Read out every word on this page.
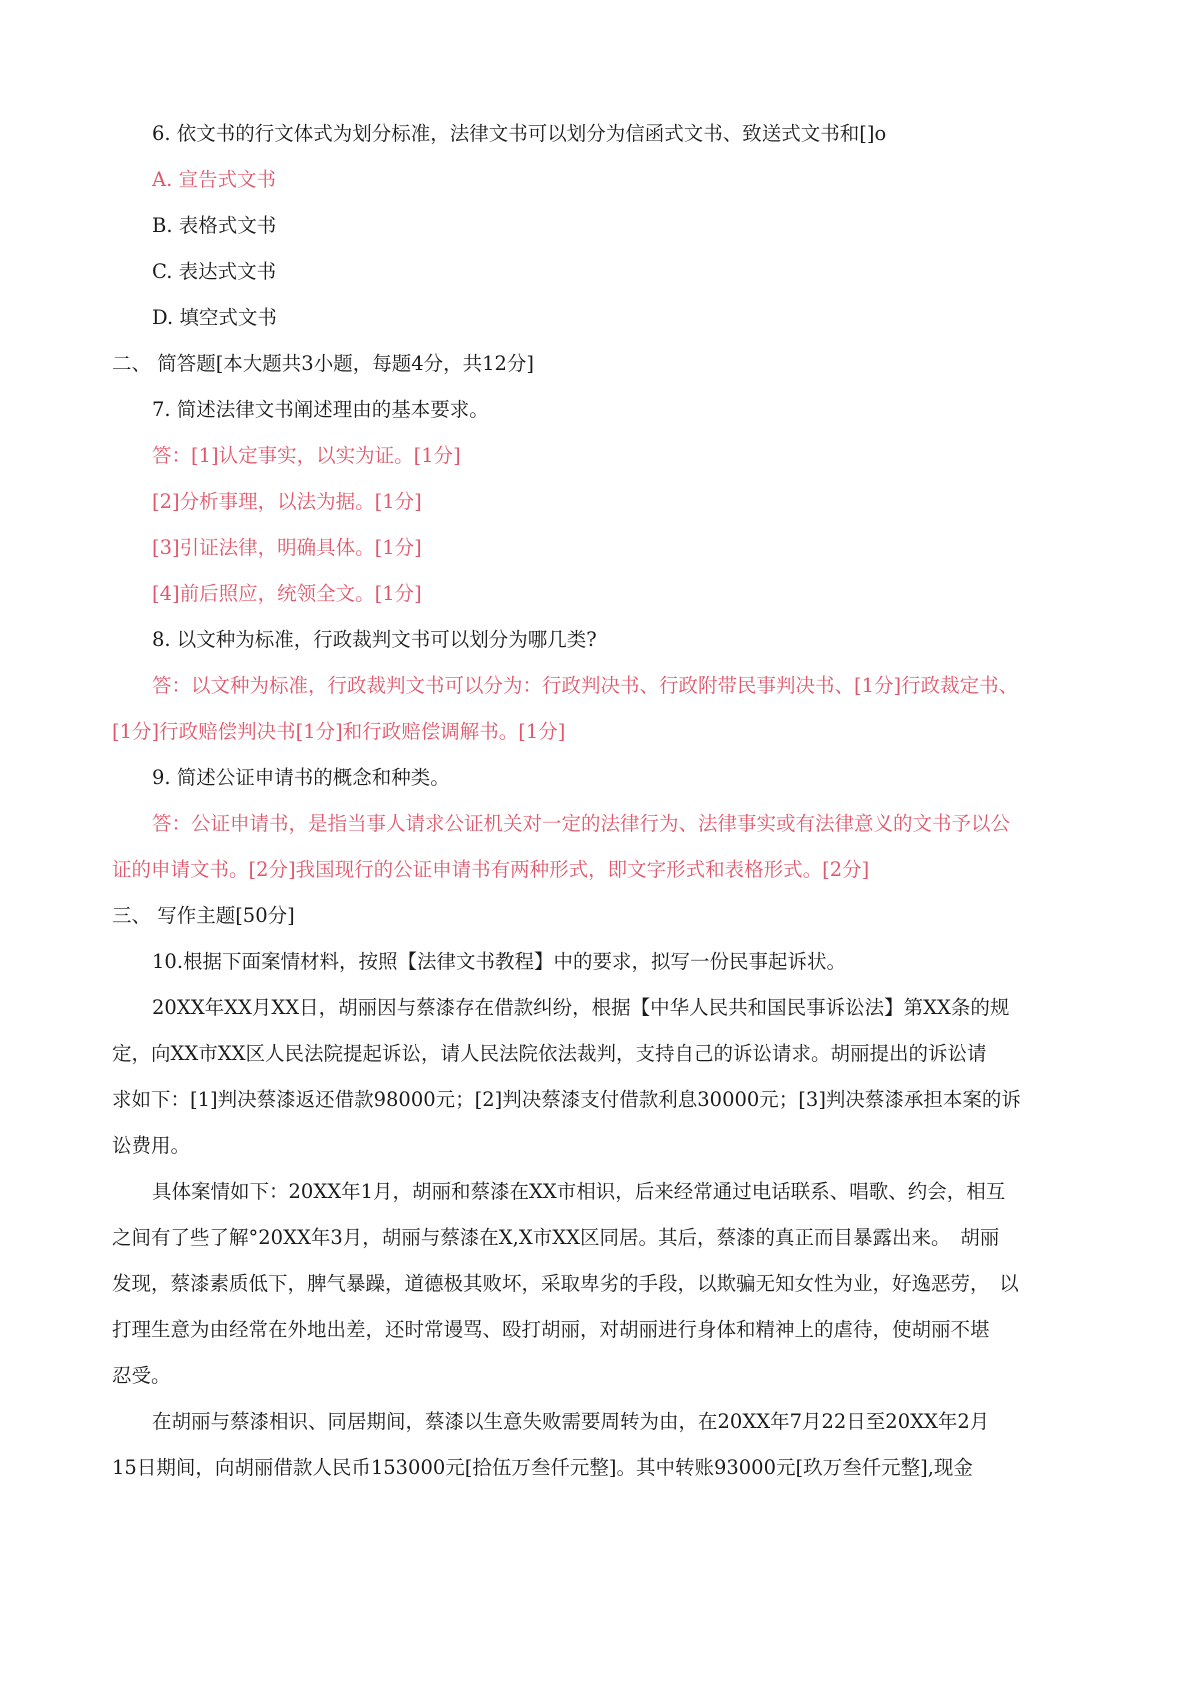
6. 依文书的行文体式为划分标准，法律文书可以划分为信函式文书、致送式文书和[]o
A. 宣告式文书
B. 表格式文书
C. 表达式文书
D. 填空式文书
二、 简答题[本大题共3小题，每题4分，共12分]
7. 简述法律文书阐述理由的基本要求。
答：[1]认定事实，以实为证。[1分]
[2]分析事理，以法为据。[1分]
[3]引证法律，明确具体。[1分]
[4]前后照应，统领全文。[1分]
8. 以文种为标准，行政裁判文书可以划分为哪几类?
答：以文种为标准，行政裁判文书可以分为：行政判决书、行政附带民事判决书、[1分]行政裁定书、
[1分]行政赔偿判决书[1分]和行政赔偿调解书。[1分]
9. 简述公证申请书的概念和种类。
答：公证申请书，是指当事人请求公证机关对一定的法律行为、法律事实或有法律意义的文书予以公
证的申请文书。[2分]我国现行的公证申请书有两种形式，即文字形式和表格形式。[2分]
三、 写作主题[50分]
10.根据下面案情材料，按照【法律文书教程】中的要求，拟写一份民事起诉状。
20XX年XX月XX日，胡丽因与蔡漆存在借款纠纷，根据【中华人民共和国民事诉讼法】第XX条的规
定，向XX市XX区人民法院提起诉讼，请人民法院依法裁判，支持自己的诉讼请求。胡丽提出的诉讼请
求如下：[1]判决蔡漆返还借款98000元；[2]判决蔡漆支付借款利息30000元；[3]判决蔡漆承担本案的诉
讼费用。
具体案情如下：20XX年1月，胡丽和蔡漆在XX市相识，后来经常通过电话联系、唱歌、约会，相互
之间有了些了解°20XX年3月，胡丽与蔡漆在X,X市XX区同居。其后，蔡漆的真正而目暴露出来。　胡丽
发现，蔡漆素质低下，脾气暴躁，道德极其败坏，采取卑劣的手段，以欺骗无知女性为业，好逸恶劳，　以
打理生意为由经常在外地出差，还时常谩骂、殴打胡丽，对胡丽进行身体和精神上的虐待，使胡丽不堪
忍受。
在胡丽与蔡漆相识、同居期间，蔡漆以生意失败需要周转为由，在20XX年7月22日至20XX年2月
15日期间，向胡丽借款人民币153000元[拾伍万叁仟元整]。其中转账93000元[玖万叁仟元整],现金
